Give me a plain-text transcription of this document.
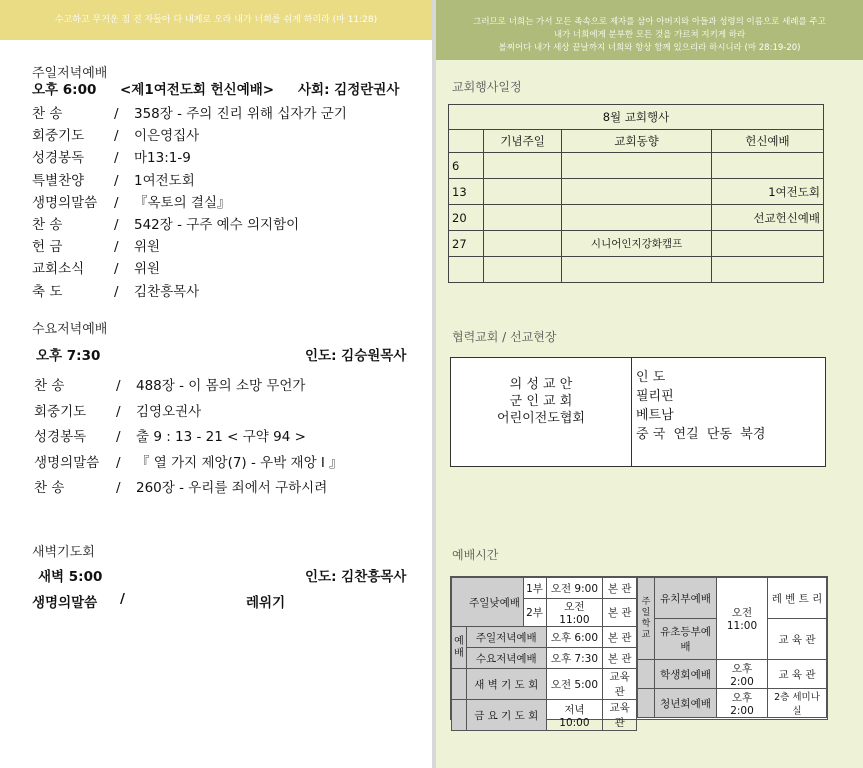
수고하고 무거운 짐 진 자들아 다 내게로 오라 내가 너희를 쉬게 하리라 (마 11:28)
주일저녁예배
오후 6:00 <제1여전도회 헌신예배> 사회: 김정란권사
찬 송	/ 358장 - 주의 진리 위해 십자가 군기
회중기도 / 이은영집사
성경봉독 / 마13:1-9
특별찬양 / 1여전도회
생명의말씀 / 『옥토의 결실』
찬 송	/ 542장 - 구주 예수 의지함이
헌 금	/ 위원
교회소식 / 위원
축 도	/ 김찬흥목사
수요저녁예배
오후 7:30	인도: 김승원목사
찬 송	/ 488장 - 이 몸의 소망 무언가
회중기도 / 김영오권사
성경봉독 / 출 9 : 13 - 21 < 구약 94 >
생명의말씀 / 『 열 가지 제앙(7) - 우박 재앙 I 』
찬 송	/ 260장 - 우리를 죄에서 구하시려
새벽기도회
새벽 5:00	인도: 김찬흥목사
생명의말씀 /	레위기
그러므로 너희는 가서 모든 족속으로 제자를 삼아 아버지와 아들과 성령의 이름으로 세례를 주고
내가 너희에게 분부한 모든 것을 가르쳐 지키게 하라
볼찌어다 내가 세상 끝날까지 너희와 항상 함께 있으리라 하시니라 (마 28:19-20)
교회행사일정
8월 교회행사			
	기념주일	교회동향	헌신예배
6			
13			1여전도회
20			선교헌신예배
27		시니어인지강화캠프	

협력교회 / 선교현장
의 성 교 안
군 인 교 회
어린이전도협회
인 도
필리핀
베트남
중 국  연길  단동  북경
예배시간
	주일낮예배	1부	오전 9:00	본 관
		2부	오전 11:00	본 관
예배	주일저녁예배		오후 6:00	본 관
	수요저녁예배		오후 7:30	본 관
	새 벽 기 도 회		오전 5:00	교육관
	금 요 기 도 회		저녁 10:00	교육관
주일학교	유치부예배	오전 11:00	레 벤 트 리

	유초등부예배		교 육 관

	학생회예배	오후 2:00	교 육 관
	청년회예배	오후 2:00	2층 세미나실
